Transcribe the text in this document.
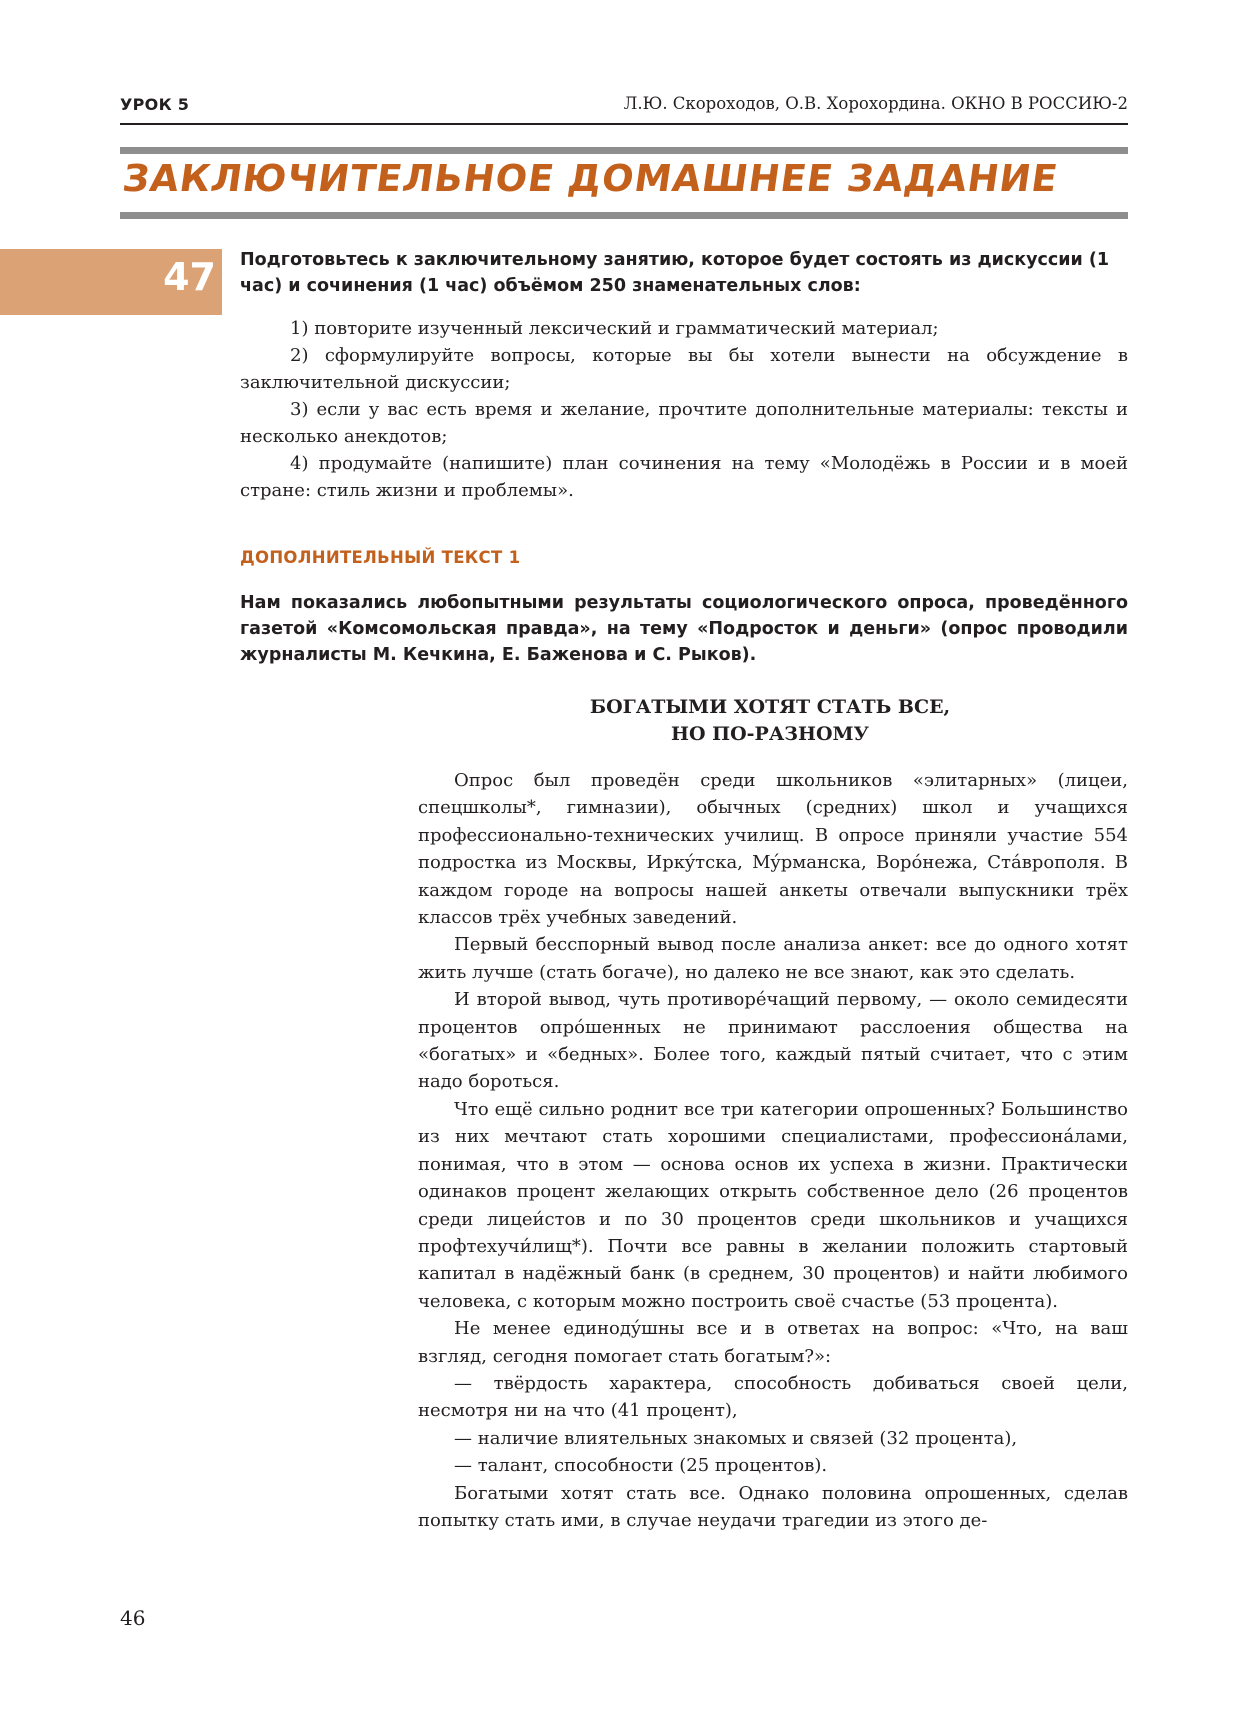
УРОК 5	Л.Ю. Скороходов, О.В. Хорохордина. ОКНО В РОССИЮ-2
ЗАКЛЮЧИТЕЛЬНОЕ ДОМАШНЕЕ ЗАДАНИЕ
47 Подготовьтесь к заключительному занятию, которое будет состоять из дискуссии (1 час) и сочинения (1 час) объёмом 250 знаменательных слов:

1) повторите изученный лексический и грамматический материал;

2) сформулируйте вопросы, которые вы бы хотели вынести на обсуждение в заключительной дискуссии;

3) если у вас есть время и желание, прочтите дополнительные материалы: тексты и несколько анекдотов;

4) продумайте (напишите) план сочинения на тему «Молодёжь в России и в моей стране: стиль жизни и проблемы».

ДОПОЛНИТЕЛЬНЫЙ ТЕКСТ 1
Нам показались любопытными результаты социологического опроса, проведённого газетой «Комсомольская правда», на тему «Подросток и деньги» (опрос проводили журналисты М. Кечкина, Е. Баженова и С. Рыков).
БОГАТЫМИ ХОТЯТ СТАТЬ ВСЕ,
НО ПО-РАЗНОМУ

Опрос был проведён среди школьников «элитарных» (лицеи, спецшколы*, гимназии), обычных (средних) школ и учащихся профессионально-технических училищ. В опросе приняли участие 554 подростка из Москвы, Иркýтска, Мýрманска, Ворóнежа, Стáврополя. В каждом городе на вопросы нашей анкеты отвечали выпускники трёх классов трёх учебных заведений.

Первый бесспорный вывод после анализа анкет: все до одного хотят жить лучше (стать богаче), но далеко не все знают, как это сделать.

И второй вывод, чуть противорéчащий первому, — около семидесяти процентов опрóшенных не принимают расслоения общества на «богатых» и «бедных». Более того, каждый пятый считает, что с этим надо бороться.

Что ещё сильно роднит все три категории опрошенных? Большинство из них мечтают стать хорошими специалистами, профессионáлами, понимая, что в этом — основа основ их успеха в жизни. Практически одинаков процент желающих открыть собственное дело (26 процентов среди лицеи́стов и по 30 процентов среди школьников и учащихся профтехучи́лищ*). Почти все равны в желании положить стартовый капитал в надёжный банк (в среднем, 30 процентов) и найти любимого человека, с которым можно построить своё счастье (53 процента).

Не менее единодýшны все и в ответах на вопрос: «Что, на ваш взгляд, сегодня помогает стать богатым?»:

— твёрдость характера, способность добиваться своей цели, несмотря ни на что (41 процент),

— наличие влиятельных знакомых и связей (32 процента),

— талант, способности (25 процентов).

Богатыми хотят стать все. Однако половина опрошенных, сделав попытку стать ими, в случае неудачи трагедии из этого де-

46
